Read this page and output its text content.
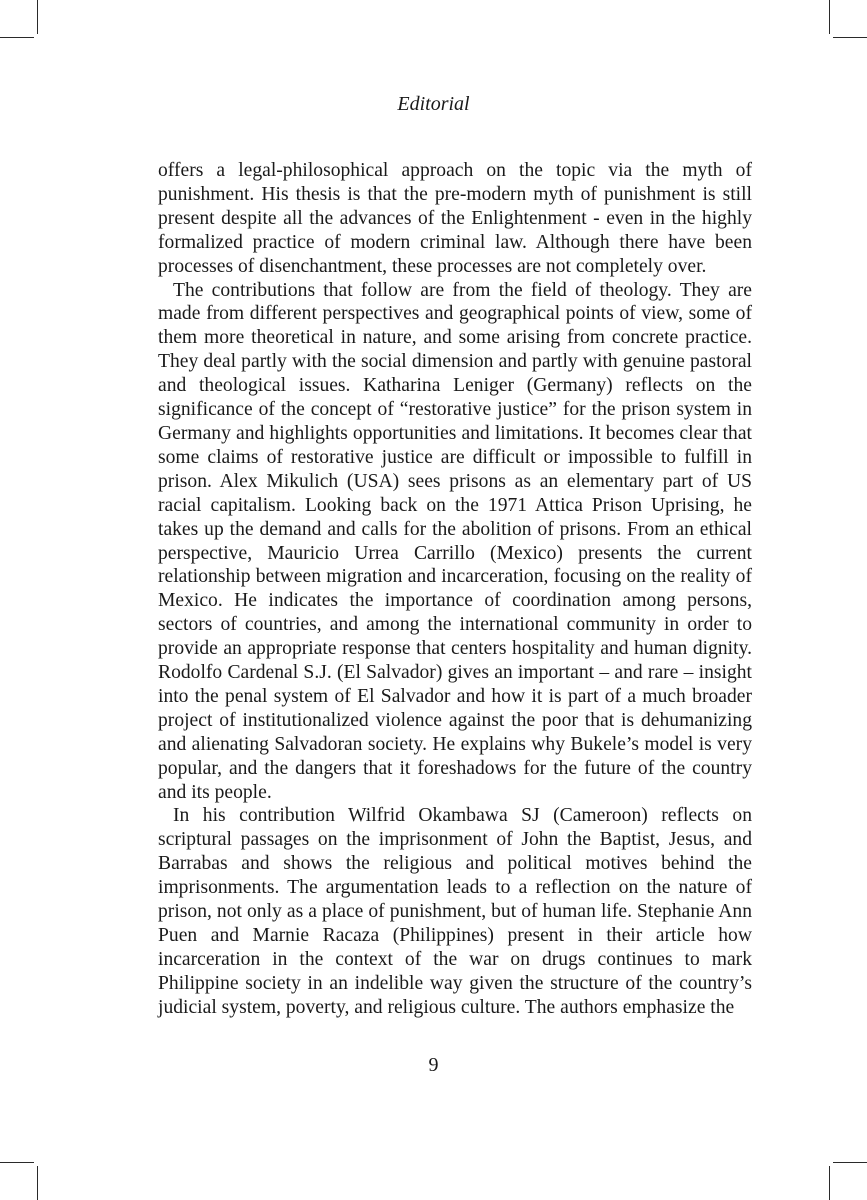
Editorial

offers a legal-philosophical approach on the topic via the myth of punishment. His thesis is that the pre-modern myth of punishment is still present despite all the advances of the Enlightenment - even in the highly formalized practice of modern criminal law. Although there have been processes of disenchantment, these processes are not completely over.

The contributions that follow are from the field of theology. They are made from different perspectives and geographical points of view, some of them more theoretical in nature, and some arising from concrete practice. They deal partly with the social dimension and partly with genuine pastoral and theological issues. Katharina Leniger (Germany) reflects on the significance of the concept of “restorative justice” for the prison system in Germany and highlights opportunities and limitations. It becomes clear that some claims of restorative justice are difficult or impossible to fulfill in prison. Alex Mikulich (USA) sees prisons as an elementary part of US racial capitalism. Looking back on the 1971 Attica Prison Uprising, he takes up the demand and calls for the abolition of prisons. From an ethical perspective, Mauricio Urrea Carrillo (Mexico) presents the current relationship between migration and incarceration, focusing on the reality of Mexico. He indicates the importance of coordination among persons, sectors of countries, and among the international community in order to provide an appropriate response that centers hospitality and human dignity. Rodolfo Cardenal S.J. (El Salvador) gives an important – and rare – insight into the penal system of El Salvador and how it is part of a much broader project of institutionalized violence against the poor that is dehumanizing and alienating Salvadoran society. He explains why Bukele’s model is very popular, and the dangers that it foreshadows for the future of the country and its people.

In his contribution Wilfrid Okambawa SJ (Cameroon) reflects on scriptural passages on the imprisonment of John the Baptist, Jesus, and Barrabas and shows the religious and political motives behind the imprisonments. The argumentation leads to a reflection on the nature of prison, not only as a place of punishment, but of human life. Stephanie Ann Puen and Marnie Racaza (Philippines) present in their article how incarceration in the context of the war on drugs continues to mark Philippine society in an indelible way given the structure of the country’s judicial system, poverty, and religious culture. The authors emphasize the

9
